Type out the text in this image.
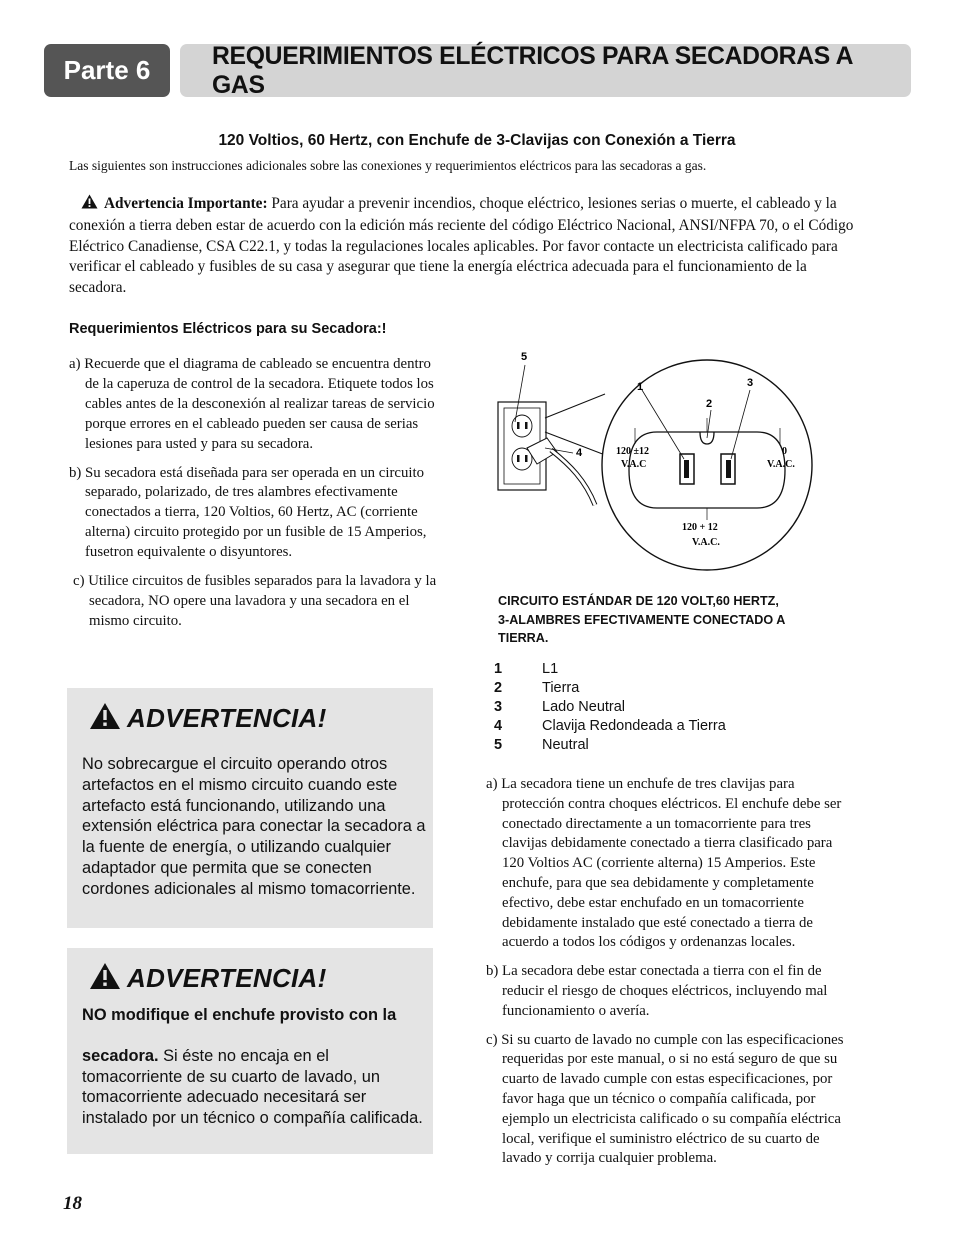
Parte 6	REQUERIMIENTOS ELÉCTRICOS PARA SECADORAS A GAS
120 Voltios, 60 Hertz, con Enchufe de 3-Clavijas con Conexión a Tierra
Las siguientes son instrucciones adicionales sobre las conexiones y requerimientos eléctricos para las secadoras a gas.
Advertencia Importante: Para ayudar a prevenir incendios, choque eléctrico, lesiones serias o muerte, el cableado y la conexión a tierra deben estar de acuerdo con la edición más reciente del código Eléctrico Nacional, ANSI/NFPA 70, o el Código Eléctrico Canadiense, CSA C22.1, y todas la regulaciones locales aplicables. Por favor contacte un electricista calificado para verificar el cableado y fusibles de su casa y asegurar que tiene la energía eléctrica adecuada para el funcionamiento de la secadora.
Requerimientos Eléctricos para su Secadora:!

a) Recuerde que el diagrama de cableado se encuentra dentro de la caperuza de control de la secadora. Etiquete todos los cables antes de la desconexión al realizar tareas de servicio porque errores en el cableado pueden ser causa de serias lesiones para usted y para su secadora.

b) Su secadora está diseñada para ser operada en un circuito separado, polarizado, de tres alambres efectivamente conectados a tierra, 120 Voltios, 60 Hertz, AC (corriente alterna) circuito protegido por un fusible de 15 Amperios, fusetron equivalente o disyuntores.

c) Utilice circuitos de fusibles separados para la lavadora y la secadora, NO opere una lavadora y una secadora en el mismo circuito.

ADVERTENCIA!
No sobrecargue el circuito operando otros artefactos en el mismo circuito cuando este artefacto está funcionando, utilizando una extensión eléctrica para conectar la secadora a la fuente de energía, o utilizando cualquier adaptador que permita que se conecten cordones adicionales al mismo tomacorriente.
ADVERTENCIA!
NO modifique el enchufe provisto con la
secadora. Si éste no encaja en el tomacorriente de su cuarto de lavado, un tomacorriente adecuado necesitará ser instalado por un técnico o compañía calificada.
5
1
2
3
4	120 ±12
V.A.C
0
V.A.C.
120 + 12
V.A.C.
CIRCUITO ESTÁNDAR DE 120 VOLT,60 HERTZ,
3-ALAMBRES EFECTIVAMENTE CONECTADO A
TIERRA.
1	L1
2	Tierra
3	Lado Neutral
4	Clavija Redondeada a Tierra
5	Neutral

a) La secadora tiene un enchufe de tres clavijas para protección contra choques eléctricos. El enchufe debe ser conectado directamente a un tomacorriente para tres clavijas debidamente conectado a tierra clasificado para 120 Voltios AC (corriente alterna) 15 Amperios. Este enchufe, para que sea debidamente y completamente efectivo, debe estar enchufado en un tomacorriente debidamente instalado que esté conectado a tierra de acuerdo a todos los códigos y ordenanzas locales.

b) La secadora debe estar conectada a tierra con el fin de reducir el riesgo de choques eléctricos, incluyendo mal funcionamiento o avería.

c) Si su cuarto de lavado no cumple con las especificaciones requeridas por este manual, o si no está seguro de que su cuarto de lavado cumple con estas especificaciones, por favor haga que un técnico o compañía calificada, por ejemplo un electricista calificado o su compañía eléctrica local, verifique el suministro eléctrico de su cuarto de lavado y corrija cualquier problema.

18
